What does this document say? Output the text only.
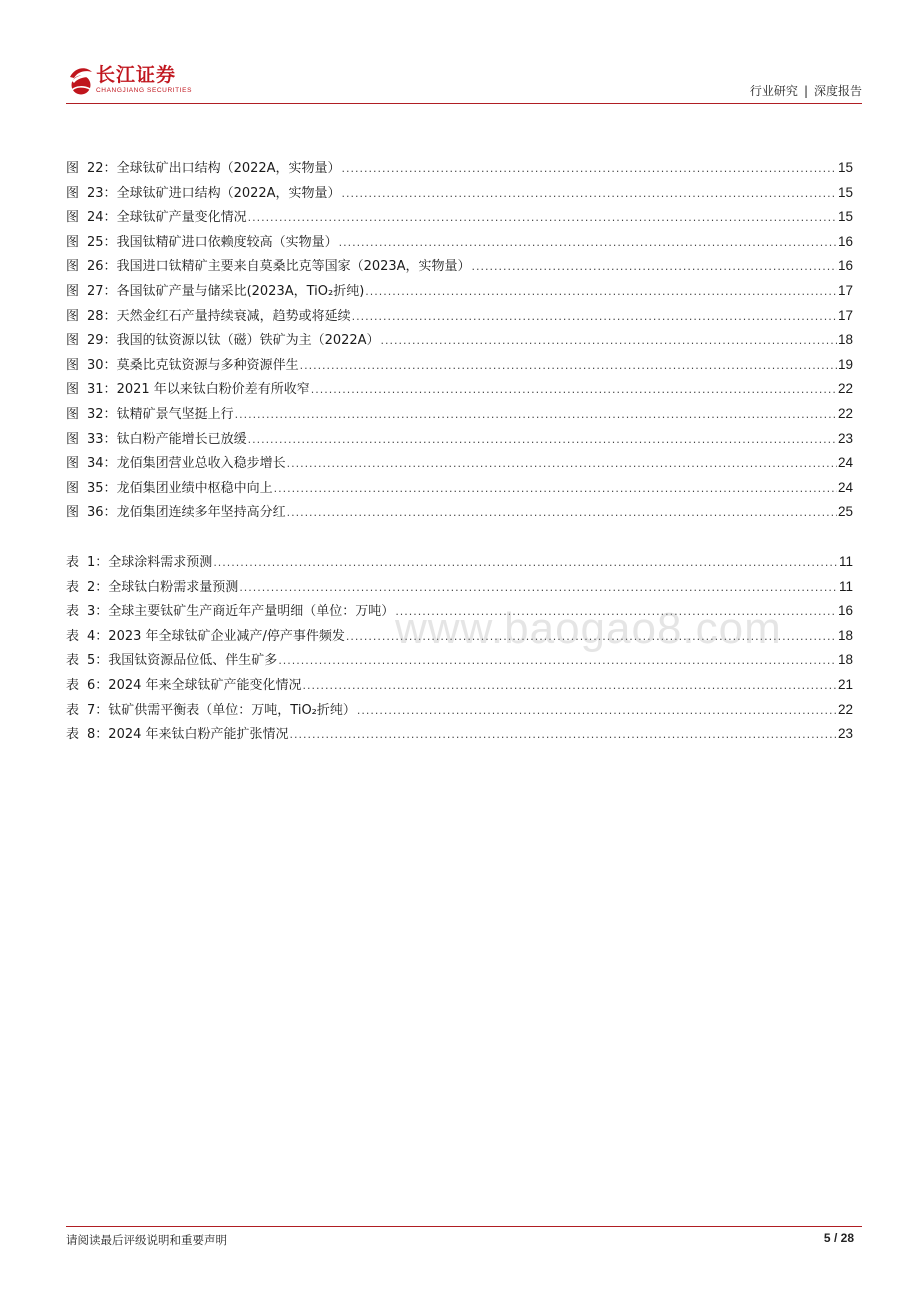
长江证券
CHANGJIANG SECURITIES	行业研究 | 深度报告
图 22：全球钛矿出口结构（2022A，实物量） .....	15
图 23：全球钛矿进口结构（2022A，实物量） .....	15
图 24：全球钛矿产量变化情况 .....	15
图 25：我国钛精矿进口依赖度较高（实物量） .....	16
图 26：我国进口钛精矿主要来自莫桑比克等国家（2023A，实物量） .....	16
图 27：各国钛矿产量与储采比(2023A，TiO₂折纯) .....	17
图 28：天然金红石产量持续衰减，趋势或将延续 .....	17
图 29：我国的钛资源以钛（磁）铁矿为主（2022A） .....	18
图 30：莫桑比克钛资源与多种资源伴生 .....	19
图 31：2021 年以来钛白粉价差有所收窄 .....	22
图 32：钛精矿景气坚挺上行 .....	22
图 33：钛白粉产能增长已放缓 .....	23
图 34：龙佰集团营业总收入稳步增长 .....	24
图 35：龙佰集团业绩中枢稳中向上 .....	24
图 36：龙佰集团连续多年坚持高分红 .....	25
表 1：全球涂料需求预测 .....	11
表 2：全球钛白粉需求量预测 .....	11
表 3：全球主要钛矿生产商近年产量明细（单位：万吨） .....	16
表 4：2023 年全球钛矿企业减产/停产事件频发 .....	18
表 5：我国钛资源品位低、伴生矿多 .....	18
表 6：2024 年来全球钛矿产能变化情况 .....	21
表 7：钛矿供需平衡表（单位：万吨，TiO₂折纯） .....	22
表 8：2024 年来钛白粉产能扩张情况 .....	23
www.baogao8.com
请阅读最后评级说明和重要声明	5 / 28
